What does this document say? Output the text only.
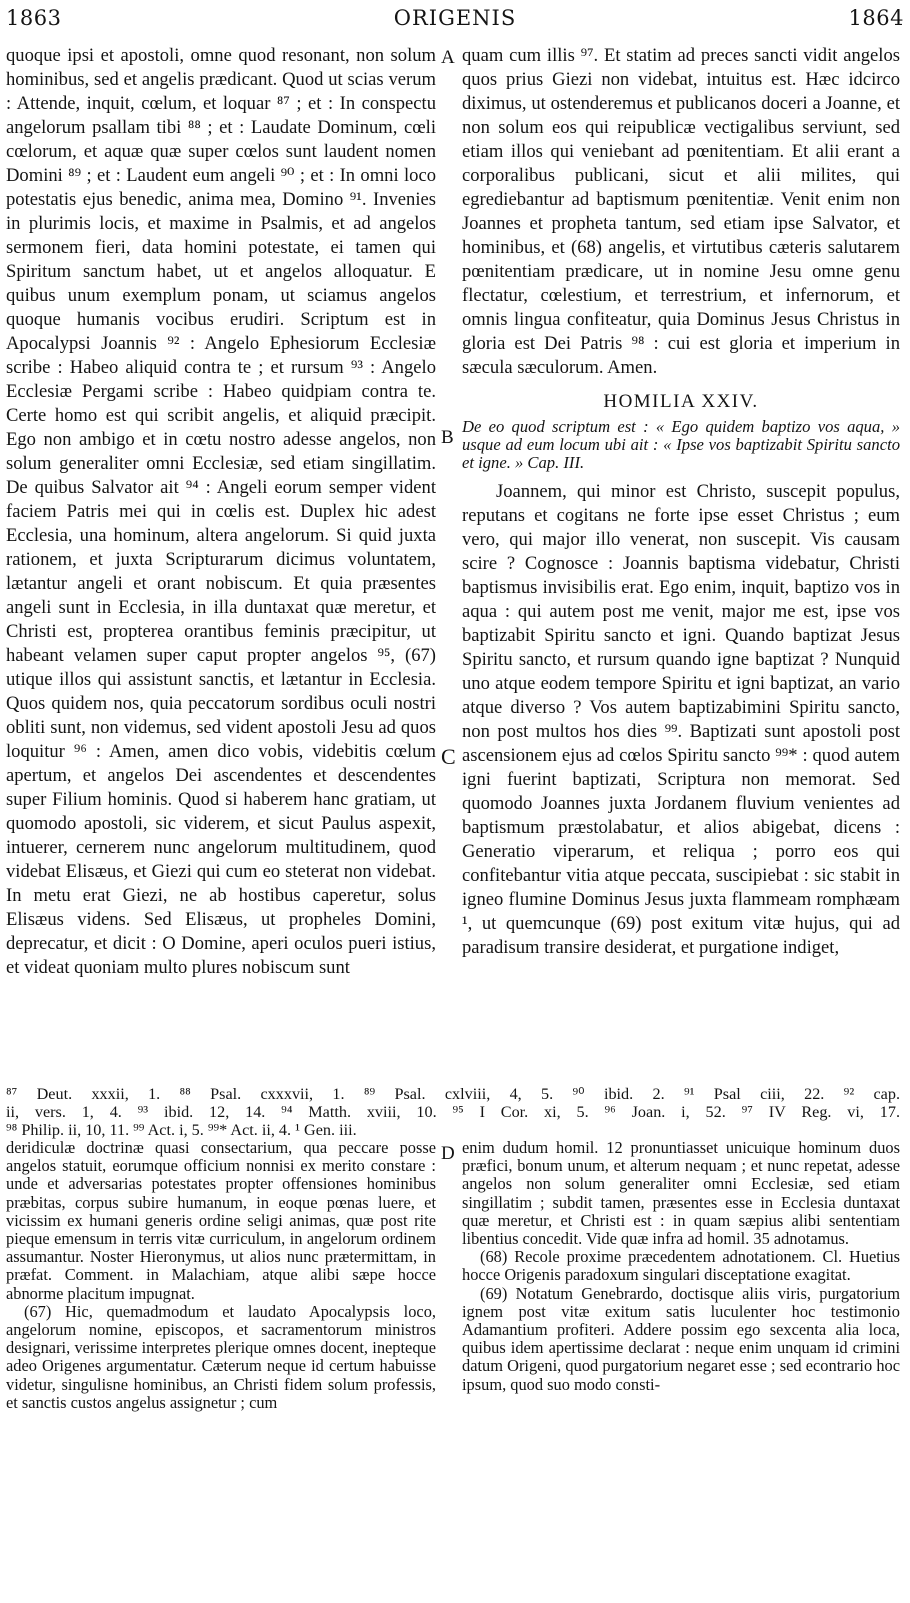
1863	ORIGENIS	1864
A
B
C
D

quoque ipsi et apostoli, omne quod resonant, non solum hominibus, sed et angelis prædicant. Quod ut scias verum : Attende, inquit, cœlum, et loquar ⁸⁷ ; et : In conspectu angelorum psallam tibi ⁸⁸ ; et : Laudate Dominum, cœli cœlorum, et aquæ quæ super cœlos sunt laudent nomen Domini ⁸⁹ ; et : Laudent eum angeli ⁹⁰ ; et : In omni loco potestatis ejus benedic, anima mea, Domino ⁹¹. Invenies in plurimis locis, et maxime in Psalmis, et ad angelos sermonem fieri, data homini potestate, ei tamen qui Spiritum sanctum habet, ut et angelos alloquatur. E quibus unum exemplum ponam, ut sciamus angelos quoque humanis vocibus erudiri. Scriptum est in Apocalypsi Joannis ⁹² : Angelo Ephesiorum Ecclesiæ scribe : Habeo aliquid contra te ; et rursum ⁹³ : Angelo Ecclesiæ Pergami scribe : Habeo quidpiam contra te. Certe homo est qui scribit angelis, et aliquid præcipit. Ego non ambigo et in cœtu nostro adesse angelos, non solum generaliter omni Ecclesiæ, sed etiam singillatim. De quibus Salvator ait ⁹⁴ : Angeli eorum semper vident faciem Patris mei qui in cœlis est. Duplex hic adest Ecclesia, una hominum, altera angelorum. Si quid juxta rationem, et juxta Scripturarum dicimus voluntatem, lætantur angeli et orant nobiscum. Et quia præsentes angeli sunt in Ecclesia, in illa duntaxat quæ meretur, et Christi est, propterea orantibus feminis præcipitur, ut habeant velamen super caput propter angelos ⁹⁵, (67) utique illos qui assistunt sanctis, et lætantur in Ecclesia. Quos quidem nos, quia peccatorum sordibus oculi nostri obliti sunt, non videmus, sed vident apostoli Jesu ad quos loquitur ⁹⁶ : Amen, amen dico vobis, videbitis cœlum apertum, et angelos Dei ascendentes et descendentes super Filium hominis. Quod si haberem hanc gratiam, ut quomodo apostoli, sic viderem, et sicut Paulus aspexit, intuerer, cernerem nunc angelorum multitudinem, quod videbat Elisæus, et Giezi qui cum eo steterat non videbat. In metu erat Giezi, ne ab hostibus caperetur, solus Elisæus videns. Sed Elisæus, ut propheles Domini, deprecatur, et dicit : O Domine, aperi oculos pueri istius, et videat quoniam multo plures nobiscum sunt

quam cum illis ⁹⁷. Et statim ad preces sancti vidit angelos quos prius Giezi non videbat, intuitus est. Hæc idcirco diximus, ut ostenderemus et publicanos doceri a Joanne, et non solum eos qui reipublicæ vectigalibus serviunt, sed etiam illos qui veniebant ad pœnitentiam. Et alii erant a corporalibus publicani, sicut et alii milites, qui egrediebantur ad baptismum pœnitentiæ. Venit enim non Joannes et propheta tantum, sed etiam ipse Salvator, et hominibus, et (68) angelis, et virtutibus cæteris salutarem pœnitentiam prædicare, ut in nomine Jesu omne genu flectatur, cœlestium, et terrestrium, et infernorum, et omnis lingua confiteatur, quia Dominus Jesus Christus in gloria est Dei Patris ⁹⁸ : cui est gloria et imperium in sæcula sæculorum. Amen.

HOMILIA XXIV.
De eo quod scriptum est : « Ego quidem baptizo vos aqua, » usque ad eum locum ubi ait : « Ipse vos baptizabit Spiritu sancto et igne. » Cap. III.

Joannem, qui minor est Christo, suscepit populus, reputans et cogitans ne forte ipse esset Christus ; eum vero, qui major illo venerat, non suscepit. Vis causam scire ? Cognosce : Joannis baptisma videbatur, Christi baptismus invisibilis erat. Ego enim, inquit, baptizo vos in aqua : qui autem post me venit, major me est, ipse vos baptizabit Spiritu sancto et igni. Quando baptizat Jesus Spiritu sancto, et rursum quando igne baptizat ? Nunquid uno atque eodem tempore Spiritu et igni baptizat, an vario atque diverso ? Vos autem baptizabimini Spiritu sancto, non post multos hos dies ⁹⁹. Baptizati sunt apostoli post ascensionem ejus ad cœlos Spiritu sancto ⁹⁹* : quod autem igni fuerint baptizati, Scriptura non memorat. Sed quomodo Joannes juxta Jordanem fluvium venientes ad baptismum præstolabatur, et alios abigebat, dicens : Generatio viperarum, et reliqua ; porro eos qui confitebantur vitia atque peccata, suscipiebat : sic stabit in igneo flumine Dominus Jesus juxta flammeam romphæam ¹, ut quemcunque (69) post exitum vitæ hujus, qui ad paradisum transire desiderat, et purgatione indiget,

⁸⁷ Deut. xxxii, 1. ⁸⁸ Psal. cxxxvii, 1. ⁸⁹ Psal. cxlviii, 4, 5. ⁹⁰ ibid. 2. ⁹¹ Psal ciii, 22. ⁹² cap.
ii, vers. 1, 4. ⁹³ ibid. 12, 14. ⁹⁴ Matth. xviii, 10. ⁹⁵ I Cor. xi, 5. ⁹⁶ Joan. i, 52. ⁹⁷ IV Reg. vi, 17.
⁹⁸ Philip. ii, 10, 11. ⁹⁹ Act. i, 5. ⁹⁹* Act. ii, 4. ¹ Gen. iii.

deridiculæ doctrinæ quasi consectarium, qua peccare posse angelos statuit, eorumque officium nonnisi ex merito constare : unde et adversarias potestates propter offensiones hominibus præbitas, corpus subire humanum, in eoque pœnas luere, et vicissim ex humani generis ordine seligi animas, quæ post rite pieque emensum in terris vitæ curriculum, in angelorum ordinem assumantur. Noster Hieronymus, ut alios nunc prætermittam, in præfat. Comment. in Malachiam, atque alibi sæpe hocce abnorme placitum impugnat.

(67) Hic, quemadmodum et laudato Apocalypsis loco, angelorum nomine, episcopos, et sacramentorum ministros designari, verissime interpretes plerique omnes docent, inepteque adeo Origenes argumentatur. Cæterum neque id certum habuisse videtur, singulisne hominibus, an Christi fidem solum professis, et sanctis custos angelus assignetur ; cum

enim dudum homil. 12 pronuntiasset unicuique hominum duos præfici, bonum unum, et alterum nequam ; et nunc repetat, adesse angelos non solum generaliter omni Ecclesiæ, sed etiam singillatim ; subdit tamen, præsentes esse in Ecclesia duntaxat quæ meretur, et Christi est : in quam sæpius alibi sententiam libentius concedit. Vide quæ infra ad homil. 35 adnotamus.

(68) Recole proxime præcedentem adnotationem. Cl. Huetius hocce Origenis paradoxum singulari disceptatione exagitat.

(69) Notatum Genebrardo, doctisque aliis viris, purgatorium ignem post vitæ exitum satis luculenter hoc testimonio Adamantium profiteri. Addere possim ego sexcenta alia loca, quibus idem apertissime declarat : neque enim unquam id crimini datum Origeni, quod purgatorium negaret esse ; sed econtrario hoc ipsum, quod suo modo consti-
